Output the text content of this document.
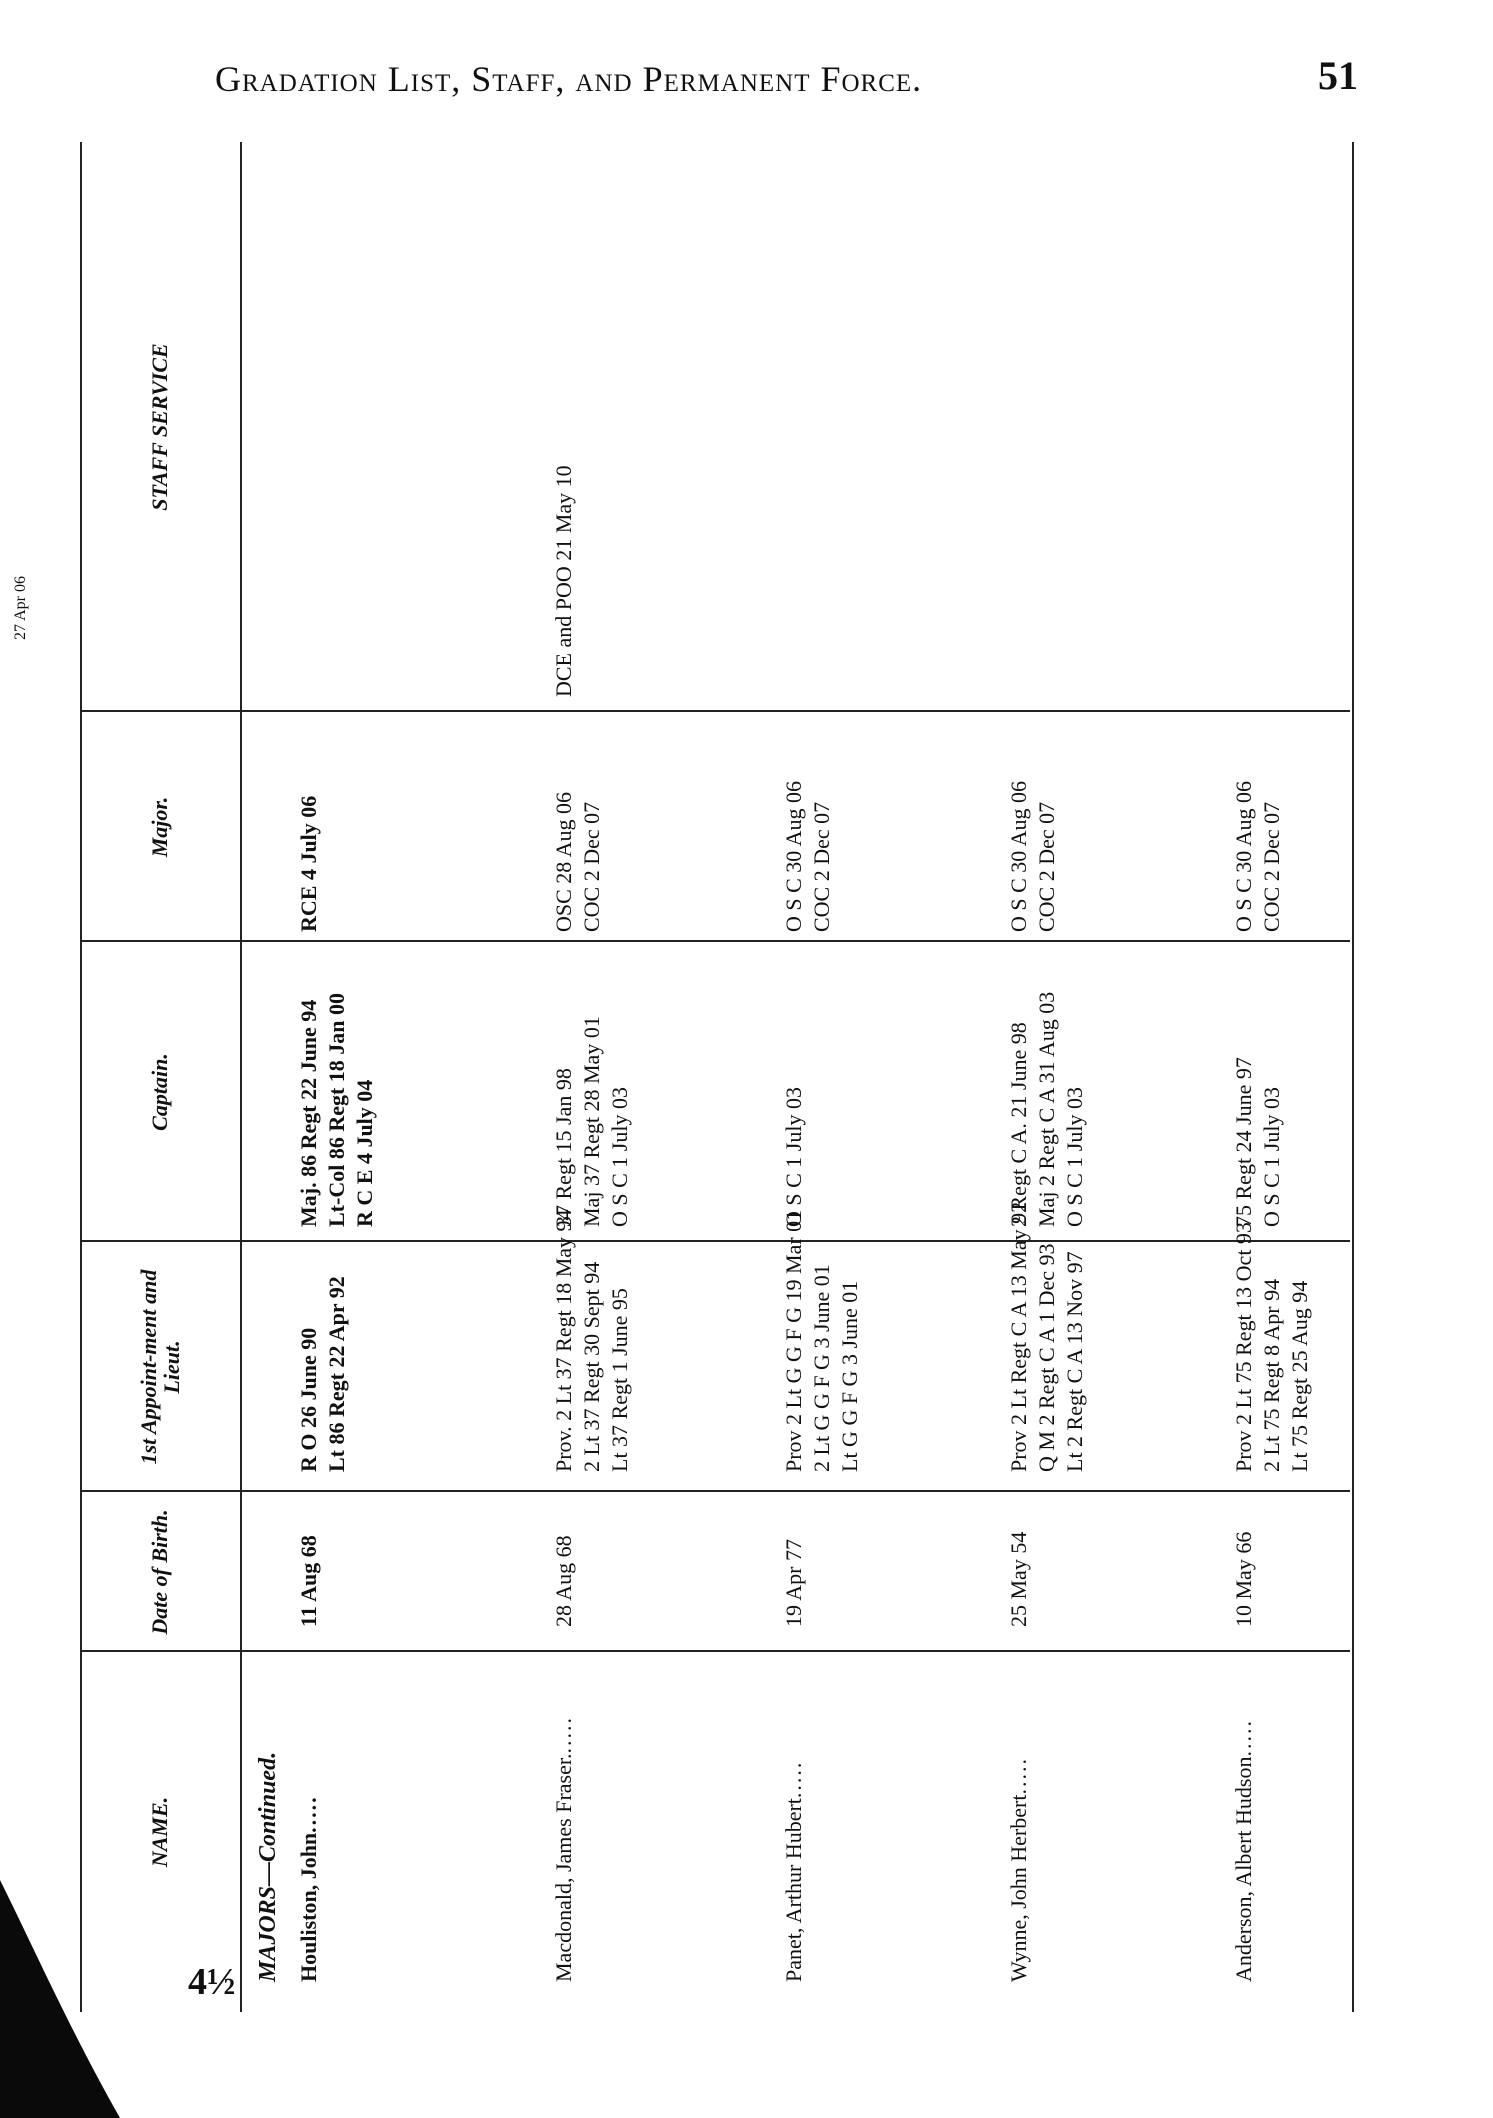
Gradation List, Staff, and Permanent Force.	51
27 Apr 06
4½
NAME.
Date of Birth.
1st Appoint-ment and Lieut.
Captain.
Major.
STAFF SERVICE
MAJORS—Continued. Houliston, John.....
11 Aug 68
R O 26 June 90 Lt 86 Regt 22 Apr 92
Maj. 86 Regt 22 June 94 Lt-Col 86 Regt 18 Jan 00 R C E 4 July 04
RCE 4 July 06
Macdonald, James Fraser......
28 Aug 68
Prov. 2 Lt 37 Regt 18 May 94 2 Lt 37 Regt 30 Sept 94 Lt 37 Regt 1 June 95
37 Regt 15 Jan 98 Maj 37 Regt 28 May 01 O S C 1 July 03
OSC 28 Aug 06 COC 2 Dec 07
DCE and POO 21 May 10
Panet, Arthur Hubert.....
19 Apr 77
Prov 2 Lt G G F G 19 Mar 01 2 Lt G G F G 3 June 01 Lt G G F G 3 June 01
O S C 1 July 03
O S C 30 Aug 06 COC 2 Dec 07
Wynne, John Herbert.....
25 May 54
Prov 2 Lt Regt C A 13 May 92 Q M 2 Regt C A 1 Dec 93 Lt 2 Regt C A 13 Nov 97
2 Regt C A. 21 June 98 Maj 2 Regt C A 31 Aug 03 O S C 1 July 03
O S C 30 Aug 06 COC 2 Dec 07
Anderson, Albert Hudson.....
10 May 66
Prov 2 Lt 75 Regt 13 Oct 93 2 Lt 75 Regt 8 Apr 94 Lt 75 Regt 25 Aug 94
75 Regt 24 June 97 O S C 1 July 03
O S C 30 Aug 06 COC 2 Dec 07
